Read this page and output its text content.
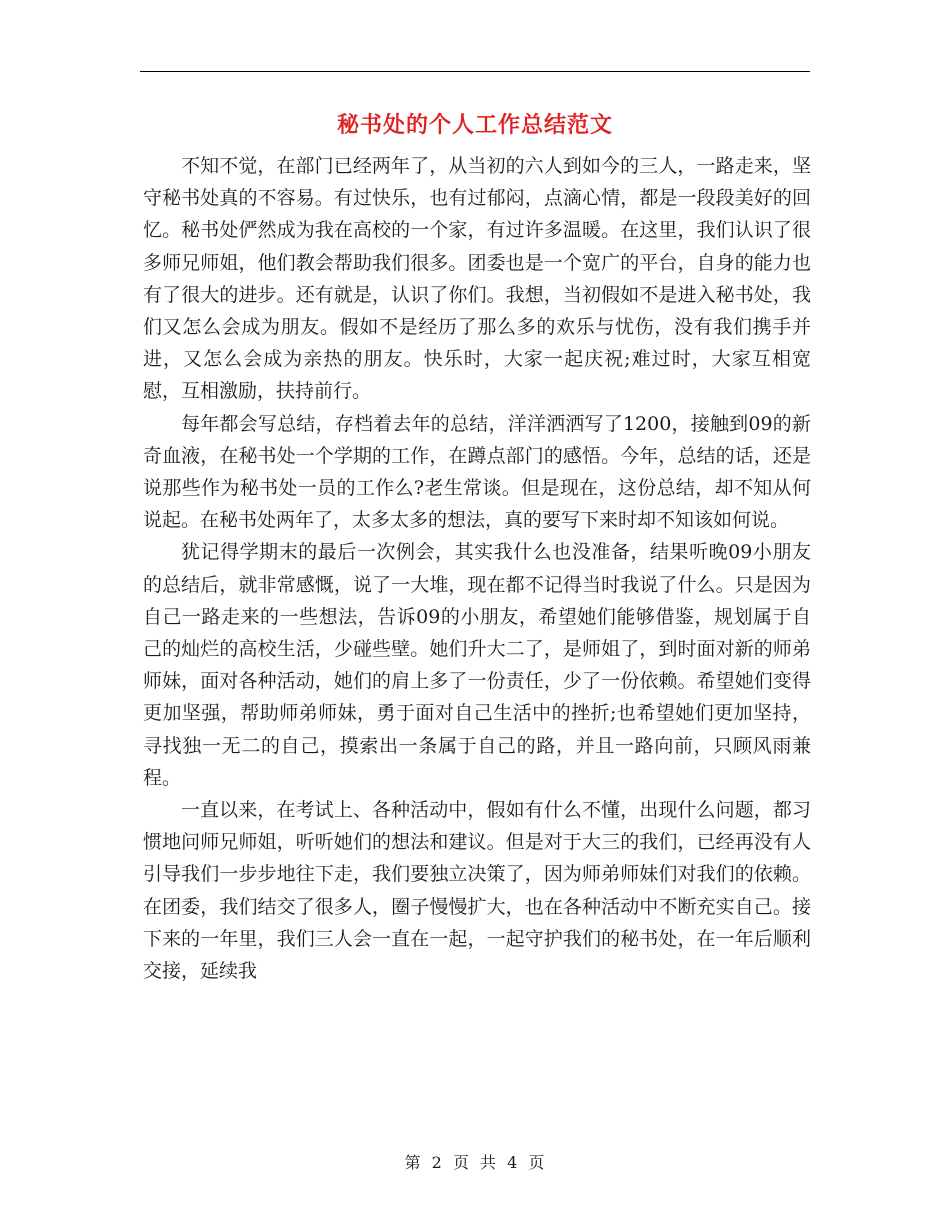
秘书处的个人工作总结范文

不知不觉，在部门已经两年了，从当初的六人到如今的三人，一路走来，坚守秘书处真的不容易。有过快乐，也有过郁闷，点滴心情，都是一段段美好的回忆。秘书处俨然成为我在高校的一个家，有过许多温暖。在这里，我们认识了很多师兄师姐，他们教会帮助我们很多。团委也是一个宽广的平台，自身的能力也有了很大的进步。还有就是，认识了你们。我想，当初假如不是进入秘书处，我们又怎么会成为朋友。假如不是经历了那么多的欢乐与忧伤，没有我们携手并进，又怎么会成为亲热的朋友。快乐时，大家一起庆祝;难过时，大家互相宽慰，互相激励，扶持前行。

每年都会写总结，存档着去年的总结，洋洋洒洒写了1200，接触到09的新奇血液，在秘书处一个学期的工作，在蹲点部门的感悟。今年，总结的话，还是说那些作为秘书处一员的工作么?老生常谈。但是现在，这份总结，却不知从何说起。在秘书处两年了，太多太多的想法，真的要写下来时却不知该如何说。

犹记得学期末的最后一次例会，其实我什么也没准备，结果听晚09小朋友的总结后，就非常感慨，说了一大堆，现在都不记得当时我说了什么。只是因为自己一路走来的一些想法，告诉09的小朋友，希望她们能够借鉴，规划属于自己的灿烂的高校生活，少碰些壁。她们升大二了，是师姐了，到时面对新的师弟师妹，面对各种活动，她们的肩上多了一份责任，少了一份依赖。希望她们变得更加坚强，帮助师弟师妹，勇于面对自己生活中的挫折;也希望她们更加坚持，寻找独一无二的自己，摸索出一条属于自己的路，并且一路向前，只顾风雨兼程。

一直以来，在考试上、各种活动中，假如有什么不懂，出现什么问题，都习惯地问师兄师姐，听听她们的想法和建议。但是对于大三的我们，已经再没有人引导我们一步步地往下走，我们要独立决策了，因为师弟师妹们对我们的依赖。在团委，我们结交了很多人，圈子慢慢扩大，也在各种活动中不断充实自己。接下来的一年里，我们三人会一直在一起，一起守护我们的秘书处，在一年后顺利交接，延续我

第 2 页 共 4 页
